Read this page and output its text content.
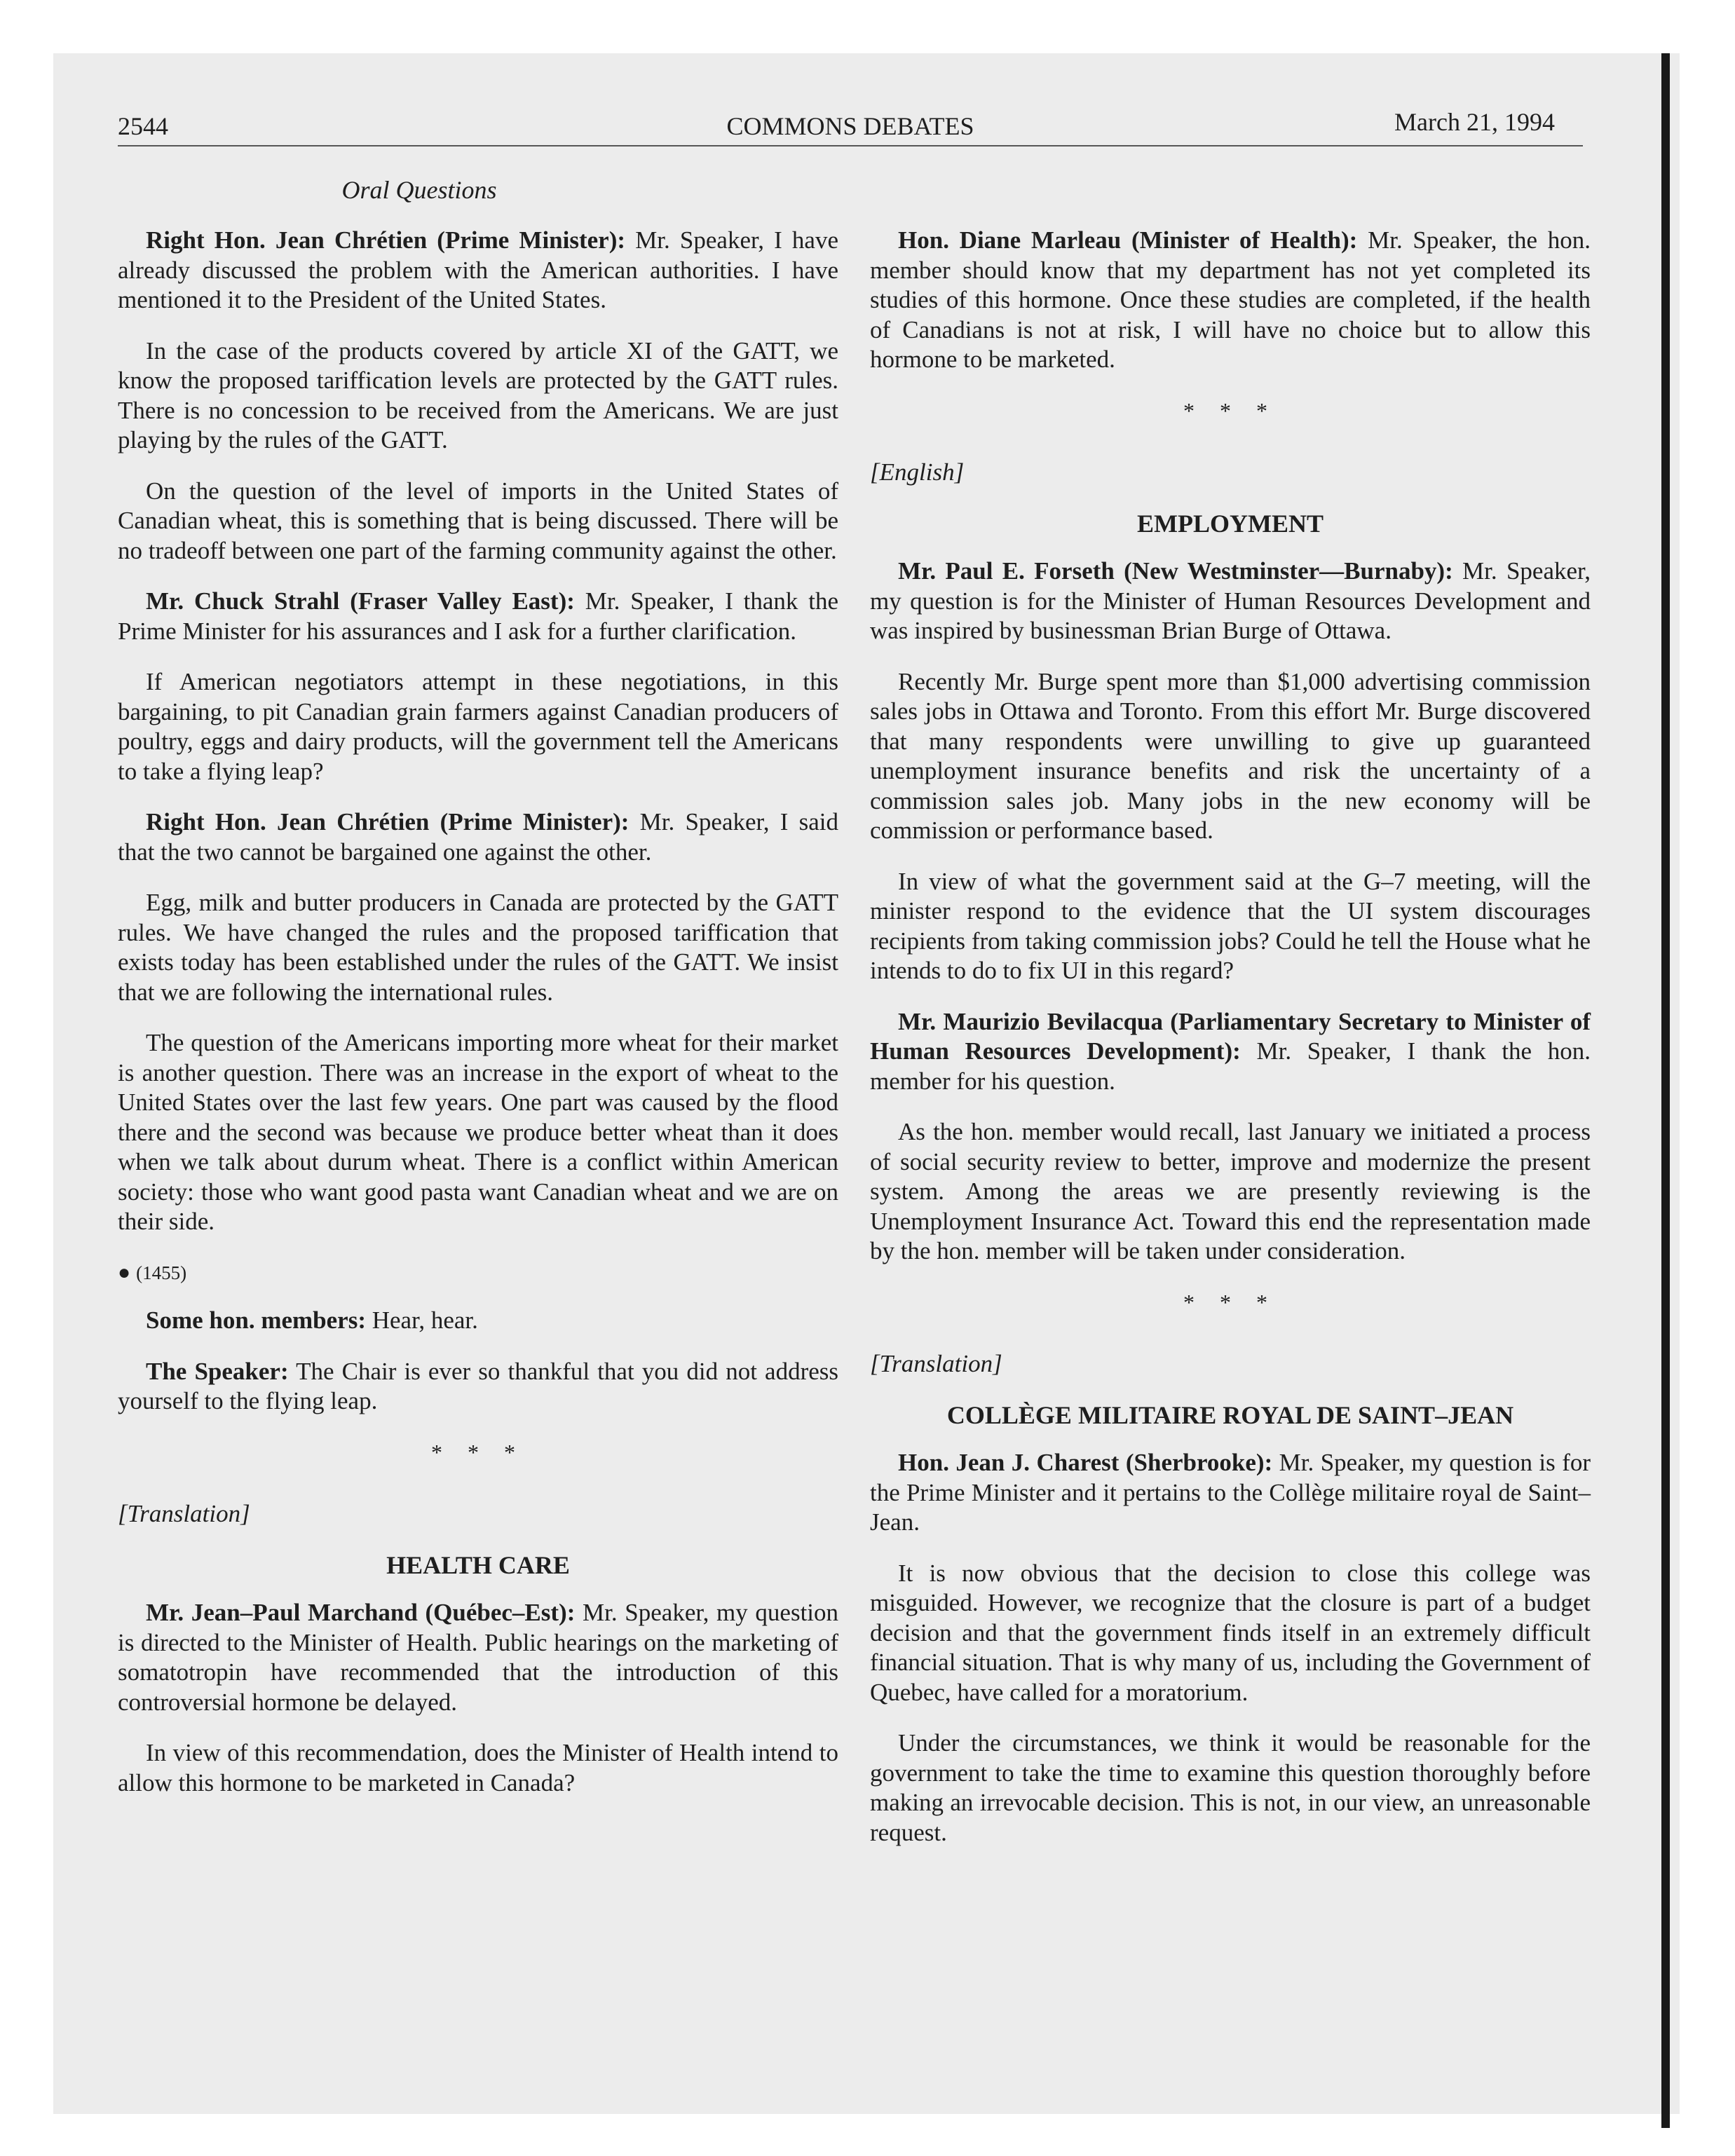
2544	COMMONS DEBATES	March 21, 1994
Oral Questions

Right Hon. Jean Chrétien (Prime Minister): Mr. Speaker, I have already discussed the problem with the American authorities. I have mentioned it to the President of the United States.

In the case of the products covered by article XI of the GATT, we know the proposed tariffication levels are protected by the GATT rules. There is no concession to be received from the Americans. We are just playing by the rules of the GATT.

On the question of the level of imports in the United States of Canadian wheat, this is something that is being discussed. There will be no tradeoff between one part of the farming community against the other.

Mr. Chuck Strahl (Fraser Valley East): Mr. Speaker, I thank the Prime Minister for his assurances and I ask for a further clarification.

If American negotiators attempt in these negotiations, in this bargaining, to pit Canadian grain farmers against Canadian producers of poultry, eggs and dairy products, will the government tell the Americans to take a flying leap?

Right Hon. Jean Chrétien (Prime Minister): Mr. Speaker, I said that the two cannot be bargained one against the other.

Egg, milk and butter producers in Canada are protected by the GATT rules. We have changed the rules and the proposed tariffication that exists today has been established under the rules of the GATT. We insist that we are following the international rules.

The question of the Americans importing more wheat for their market is another question. There was an increase in the export of wheat to the United States over the last few years. One part was caused by the flood there and the second was because we produce better wheat than it does when we talk about durum wheat. There is a conflict within American society: those who want good pasta want Canadian wheat and we are on their side.

● (1455)

Some hon. members: Hear, hear.

The Speaker: The Chair is ever so thankful that you did not address yourself to the flying leap.

* * *
[Translation]
HEALTH CARE

Mr. Jean–Paul Marchand (Québec–Est): Mr. Speaker, my question is directed to the Minister of Health. Public hearings on the marketing of somatotropin have recommended that the introduction of this controversial hormone be delayed.

In view of this recommendation, does the Minister of Health intend to allow this hormone to be marketed in Canada?

Hon. Diane Marleau (Minister of Health): Mr. Speaker, the hon. member should know that my department has not yet completed its studies of this hormone. Once these studies are completed, if the health of Canadians is not at risk, I will have no choice but to allow this hormone to be marketed.

* * *
[English]
EMPLOYMENT

Mr. Paul E. Forseth (New Westminster—Burnaby): Mr. Speaker, my question is for the Minister of Human Resources Development and was inspired by businessman Brian Burge of Ottawa.

Recently Mr. Burge spent more than $1,000 advertising commission sales jobs in Ottawa and Toronto. From this effort Mr. Burge discovered that many respondents were unwilling to give up guaranteed unemployment insurance benefits and risk the uncertainty of a commission sales job. Many jobs in the new economy will be commission or performance based.

In view of what the government said at the G–7 meeting, will the minister respond to the evidence that the UI system discourages recipients from taking commission jobs? Could he tell the House what he intends to do to fix UI in this regard?

Mr. Maurizio Bevilacqua (Parliamentary Secretary to Minister of Human Resources Development): Mr. Speaker, I thank the hon. member for his question.

As the hon. member would recall, last January we initiated a process of social security review to better, improve and modernize the present system. Among the areas we are presently reviewing is the Unemployment Insurance Act. Toward this end the representation made by the hon. member will be taken under consideration.

* * *
[Translation]
COLLÈGE MILITAIRE ROYAL DE SAINT–JEAN

Hon. Jean J. Charest (Sherbrooke): Mr. Speaker, my question is for the Prime Minister and it pertains to the Collège militaire royal de Saint–Jean.

It is now obvious that the decision to close this college was misguided. However, we recognize that the closure is part of a budget decision and that the government finds itself in an extremely difficult financial situation. That is why many of us, including the Government of Quebec, have called for a moratorium.

Under the circumstances, we think it would be reasonable for the government to take the time to examine this question thoroughly before making an irrevocable decision. This is not, in our view, an unreasonable request.
